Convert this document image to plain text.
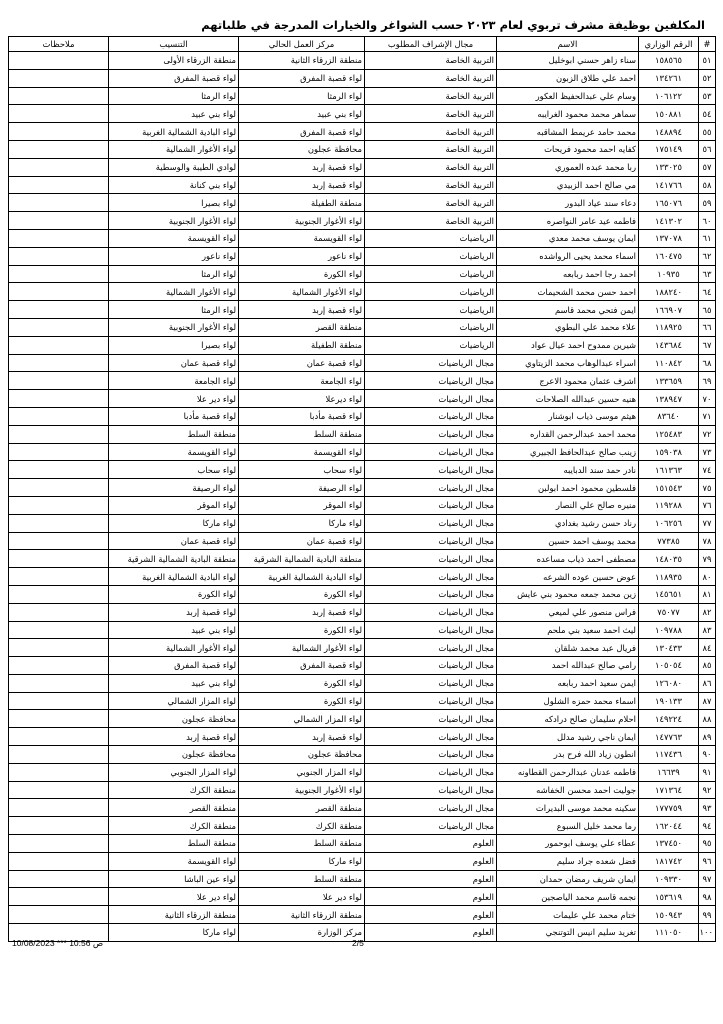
المكلفين بوظيفة مشرف تربوي لعام ٢٠٢٣ حسب الشواغر والخيارات المدرجة في طلباتهم
#	الرقم الوزاري	الاسم	مجال الإشراف المطلوب	مركز العمل الحالي	التنسيب	ملاحظات
٥١	١٥٨٥٦٥	سناء زاهر حسني ابوخليل	التربية الخاصة	منطقة الزرقاء الثانية	منطقة الزرقاء الأولى	
٥٢	١٣٤٢٦١	احمد علي طلاق الزبون	التربية الخاصة	لواء قصبة المفرق	لواء قصبة المفرق	
٥٣	١٠٦١٢٢	وسام علي عبدالحفيظ العكور	التربية الخاصة	لواء الرمثا	لواء الرمثا	
٥٤	١٥٠٨٨١	سماهر محمد محمود الغرايبه	التربية الخاصة	لواء بني عبيد	لواء بني عبيد	
٥٥	١٤٨٨٩٤	محمد حامد عريمط المشاقبه	التربية الخاصة	لواء قصبة المفرق	لواء البادية الشمالية الغربية	
٥٦	١٧٥١٤٩	كفايه احمد محمود فريحات	التربية الخاصة	محافظة عجلون	لواء الأغوار الشمالية	
٥٧	١٣٣٠٢٥	ربا محمد عبده العموري	التربية الخاصة	لواء قصبة إربد	لوادي الطيبة والوسطية	
٥٨	١٤١٧٦٦	مي صالح احمد الزبيدي	التربية الخاصة	لواء قصبة إربد	لواء بني كنانة	
٥٩	١٦٥٠٧٦	دعاء سند عياد البدور	التربية الخاصة	منطقة الطفيلة	لواء بصيرا	
٦٠	١٤١٣٠٢	فاطمه عيد عامر النواصره	التربية الخاصة	لواء الأغوار الجنوبية	لواء الأغوار الجنوبية	
٦١	١٣٧٠٧٨	ايمان يوسف محمد معدي	الرياضيات	لواء القويسمة	لواء القويسمة	
٦٢	١٦٠٤٧٥	اسماء محمد يحيى الرواشده	الرياضيات	لواء ناعور	لواء ناعور	
٦٣	١٠٩٣٥	احمد رجا احمد ربابعه	الرياضيات	لواء الكورة	لواء الرمثا	
٦٤	١٨٨٢٤٠	احمد حسن محمد الشحيمات	الرياضيات	لواء الأغوار الشمالية	لواء الأغوار الشمالية	
٦٥	١٦٦٩٠٧	ايمن فتحي محمد قاسم	الرياضيات	لواء قصبة إربد	لواء الرمثا	
٦٦	١١٨٩٢٥	علاء محمد علي البطوي	الرياضيات	منطقة القصر	لواء الأغوار الجنوبية	
٦٧	١٤٣٦٨٤	شيرين ممدوح احمد عيال عواد	الرياضيات	منطقة الطفيلة	لواء بصيرا	
٦٨	١١٠٨٤٢	اسراء عبدالوهاب محمد الزيتاوي	مجال الرياضيات	لواء قصبة عمان	لواء قصبة عمان	
٦٩	١٣٣٦٥٩	اشرف عثمان محمود الاعرج	مجال الرياضيات	لواء الجامعة	لواء الجامعة	
٧٠	١٣٨٩٤٧	هنيه حسين عبدالله الصلاحات	مجال الرياضيات	لواء ديرعلا	لواء دير علا	
٧١	٨٣٦٤٠	هيثم موسى ذياب ابوشنار	مجال الرياضيات	لواء قصبة مأدبا	لواء قصبة مأدبا	
٧٢	١٢٥٤٨٣	محمد احمد عبدالرحمن القداره	مجال الرياضيات	منطقة السلط	منطقة السلط	
٧٣	١٥٩٠٣٨	زينب صالح عبدالحافظ الجبيري	مجال الرياضيات	لواء القويسمة	لواء القويسمة	
٧٤	١٦١٣٦٣	نادر حمد سند الدبايبه	مجال الرياضيات	لواء سحاب	لواء سحاب	
٧٥	١٥١٥٤٣	فلسطين محمود احمد ابولبن	مجال الرياضيات	لواء الرصيفة	لواء الرصيفة	
٧٦	١١٩٢٨٨	منيره صالح علي النصار	مجال الرياضيات	لواء الموقر	لواء الموقر	
٧٧	١٠٦٢٥٦	رناد حسن رشيد بغدادي	مجال الرياضيات	لواء ماركا	لواء ماركا	
٧٨	٧٧٣٨٥	محمد يوسف احمد حسين	مجال الرياضيات	لواء قصبة عمان	لواء قصبة عمان	
٧٩	١٤٨٠٣٥	مصطفى احمد ذياب مساعده	مجال الرياضيات	منطقة البادية الشمالية الشرقية	منطقة البادية الشمالية الشرقية	
٨٠	١١٨٩٣٥	عوض حسين عوده الشرعه	مجال الرياضيات	لواء البادية الشمالية الغربية	لواء البادية الشمالية الغربية	
٨١	١٤٥٦٥١	زين محمد جمعه محمود بني عايش	مجال الرياضيات	لواء الكورة	لواء الكورة	
٨٢	٧٥٠٧٧	فراس منصور علي لميعي	مجال الرياضيات	لواء قصبة إربد	لواء قصبة إربد	
٨٣	١٠٩٧٨٨	ليث احمد سعيد بني ملحم	مجال الرياضيات	لواء الكورة	لواء بني عبيد	
٨٤	١٣٠٤٣٣	فريال عبد محمد شلقان	مجال الرياضيات	لواء الأغوار الشمالية	لواء الأغوار الشمالية	
٨٥	١٠٥٠٥٤	رامي صالح عبدالله احمد	مجال الرياضيات	لواء قصبة المفرق	لواء قصبة المفرق	
٨٦	١٢٦٠٨٠	ايمن سعيد احمد ربابعه	مجال الرياضيات	لواء الكورة	لواء بني عبيد	
٨٧	١٩٠١٣٣	اسماء محمد حمزه الشلول	مجال الرياضيات	لواء الكورة	لواء المزار الشمالي	
٨٨	١٤٩٢٢٤	احلام سليمان صالح درادكه	مجال الرياضيات	لواء المزار الشمالي	محافظة عجلون	
٨٩	١٤٧٧٦٣	ايمان ناجي رشيد مدلل	مجال الرياضيات	لواء قصبة إربد	لواء قصبة إربد	
٩٠	١١٧٤٣٦	انطون زياد الله فرح بدر	مجال الرياضيات	محافظة عجلون	محافظة عجلون	
٩١	١٦٦٣٩	فاطمه عدنان عبدالرحمن القطاونه	مجال الرياضيات	لواء المزار الجنوبي	لواء المزار الجنوبي	
٩٢	١٧١٣٦٤	جوليت احمد محسن الخفاشه	مجال الرياضيات	لواء الأغوار الجنوبية	منطقة الكرك	
٩٣	١٧٧٧٥٩	سكينه محمد موسى البديرات	مجال الرياضيات	منطقة القصر	منطقة القصر	
٩٤	١٦٢٠٤٤	رما محمد خليل السبوع	مجال الرياضيات	منطقة الكرك	منطقة الكرك	
٩٥	١٣٧٤٥٠	عطاء علي يوسف ابوحمور	العلوم	منطقة السلط	منطقة السلط	
٩٦	١٨١٧٤٢	فضل شعده جراد سليم	العلوم	لواء ماركا	لواء القويسمة	
٩٧	١٠٩٣٣٠	ايمان شريف رمضان حمدان	العلوم	منطقة السلط	لواء عين الباشا	
٩٨	١٥٣٦١٩	نجمه قاسم محمد الياصجين	العلوم	لواء دير علا	لواء دير علا	
٩٩	١٥٠٩٤٣	ختام محمد علي عليمات	العلوم	منطقة الزرقاء الثانية	منطقة الزرقاء الثانية	
١٠٠	١١١٠٥٠	تغريد سليم انيس التوتنجي	العلوم	مركز الوزارة	لواء ماركا	
2/5
10/08/2023 *** 10:56 ص
